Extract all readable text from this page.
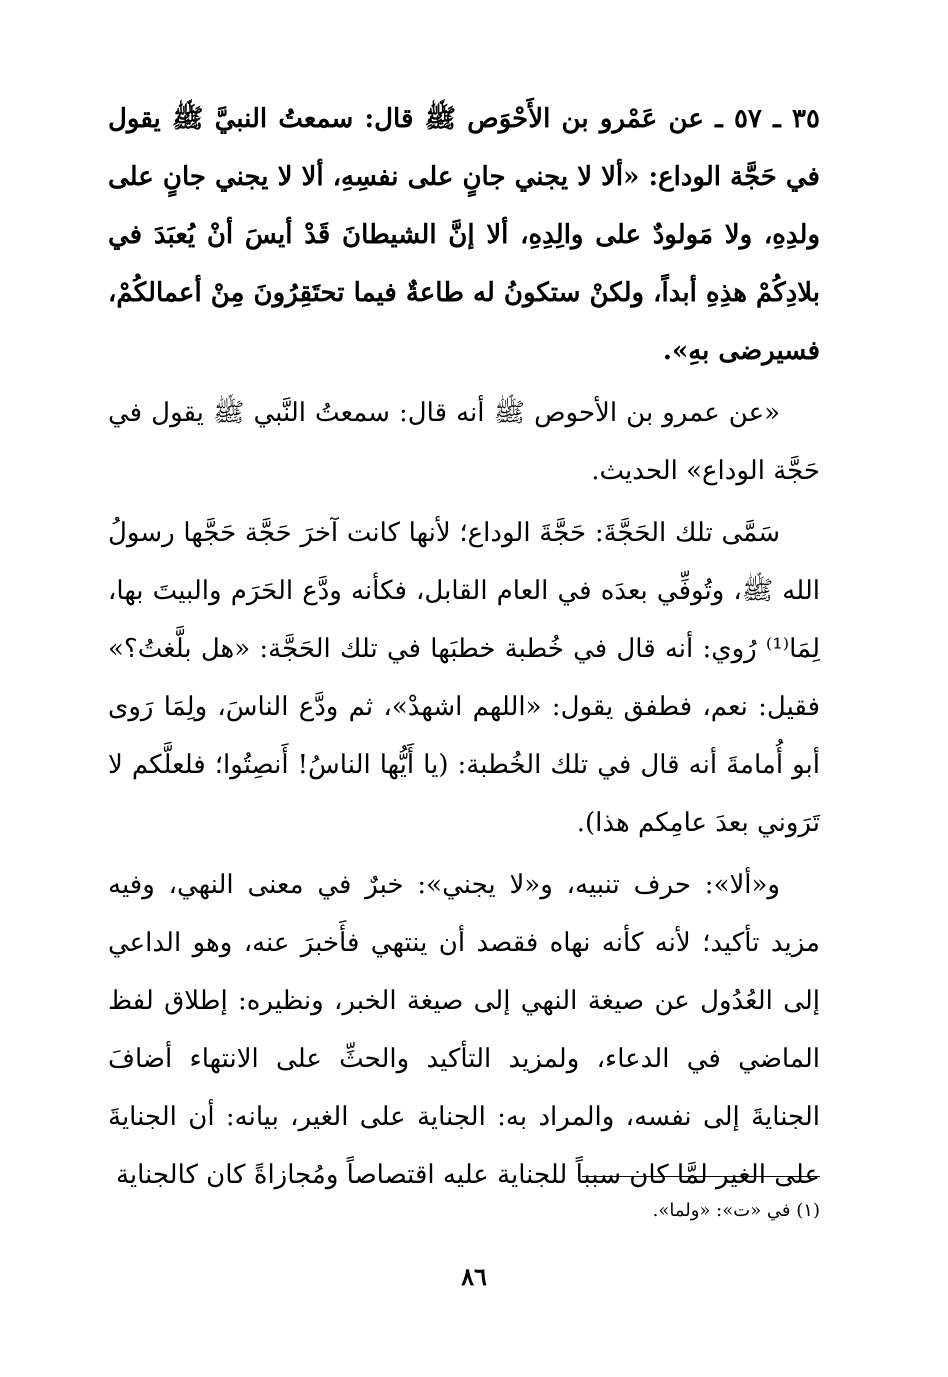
٣٥ ـ ٥٧ ـ عن عَمْرو بن الأَحْوَص ﷺ قال: سمعتُ النبيَّ ﷺ يقول في حَجَّة الوداع: «ألا لا يجني جانٍ على نفسِهِ، ألا لا يجني جانٍ على ولدِهِ، ولا مَولودٌ على والِدِهِ، ألا إنَّ الشيطانَ قَدْ أيسَ أنْ يُعبَدَ في بلادِكُمْ هذِهِ أبداً، ولكنْ ستكونُ له طاعةٌ فيما تحتَقِرُونَ مِنْ أعمالكُمْ، فسيرضى بهِ».

«عن عمرو بن الأحوص ﷺ أنه قال: سمعتُ النَّبي ﷺ يقول في حَجَّة الوداع» الحديث.

سَمَّى تلك الحَجَّةَ: حَجَّةَ الوداع؛ لأنها كانت آخرَ حَجَّة حَجَّها رسولُ الله ﷺ، وتُوفِّي بعدَه في العام القابل، فكأنه ودَّع الحَرَم والبيتَ بها، لِمَا⁽¹⁾ رُوي: أنه قال في خُطبة خطبَها في تلك الحَجَّة: «هل بلَّغتُ؟» فقيل: نعم، فطفق يقول: «اللهم اشهدْ»، ثم ودَّع الناسَ، ولِمَا رَوى أبو أُمامةَ أنه قال في تلك الخُطبة: (يا أَيُّها الناسُ! أَنصِتُوا؛ فلعلَّكم لا تَرَوني بعدَ عامِكم هذا).

و«ألا»: حرف تنبيه، و«لا يجني»: خبرٌ في معنى النهي، وفيه مزيد تأكيد؛ لأنه كأنه نهاه فقصد أن ينتهي فأَخبرَ عنه، وهو الداعي إلى العُدُول عن صيغة النهي إلى صيغة الخبر، ونظيره: إطلاق لفظ الماضي في الدعاء، ولمزيد التأكيد والحثِّ على الانتهاء أضافَ الجنايةَ إلى نفسه، والمراد به: الجناية على الغير، بيانه: أن الجنايةَ على الغير لمَّا كان سبباً للجناية عليه اقتصاصاً ومُجازاةً كان كالجناية

(١) في «ت»: «ولما».
٨٦
